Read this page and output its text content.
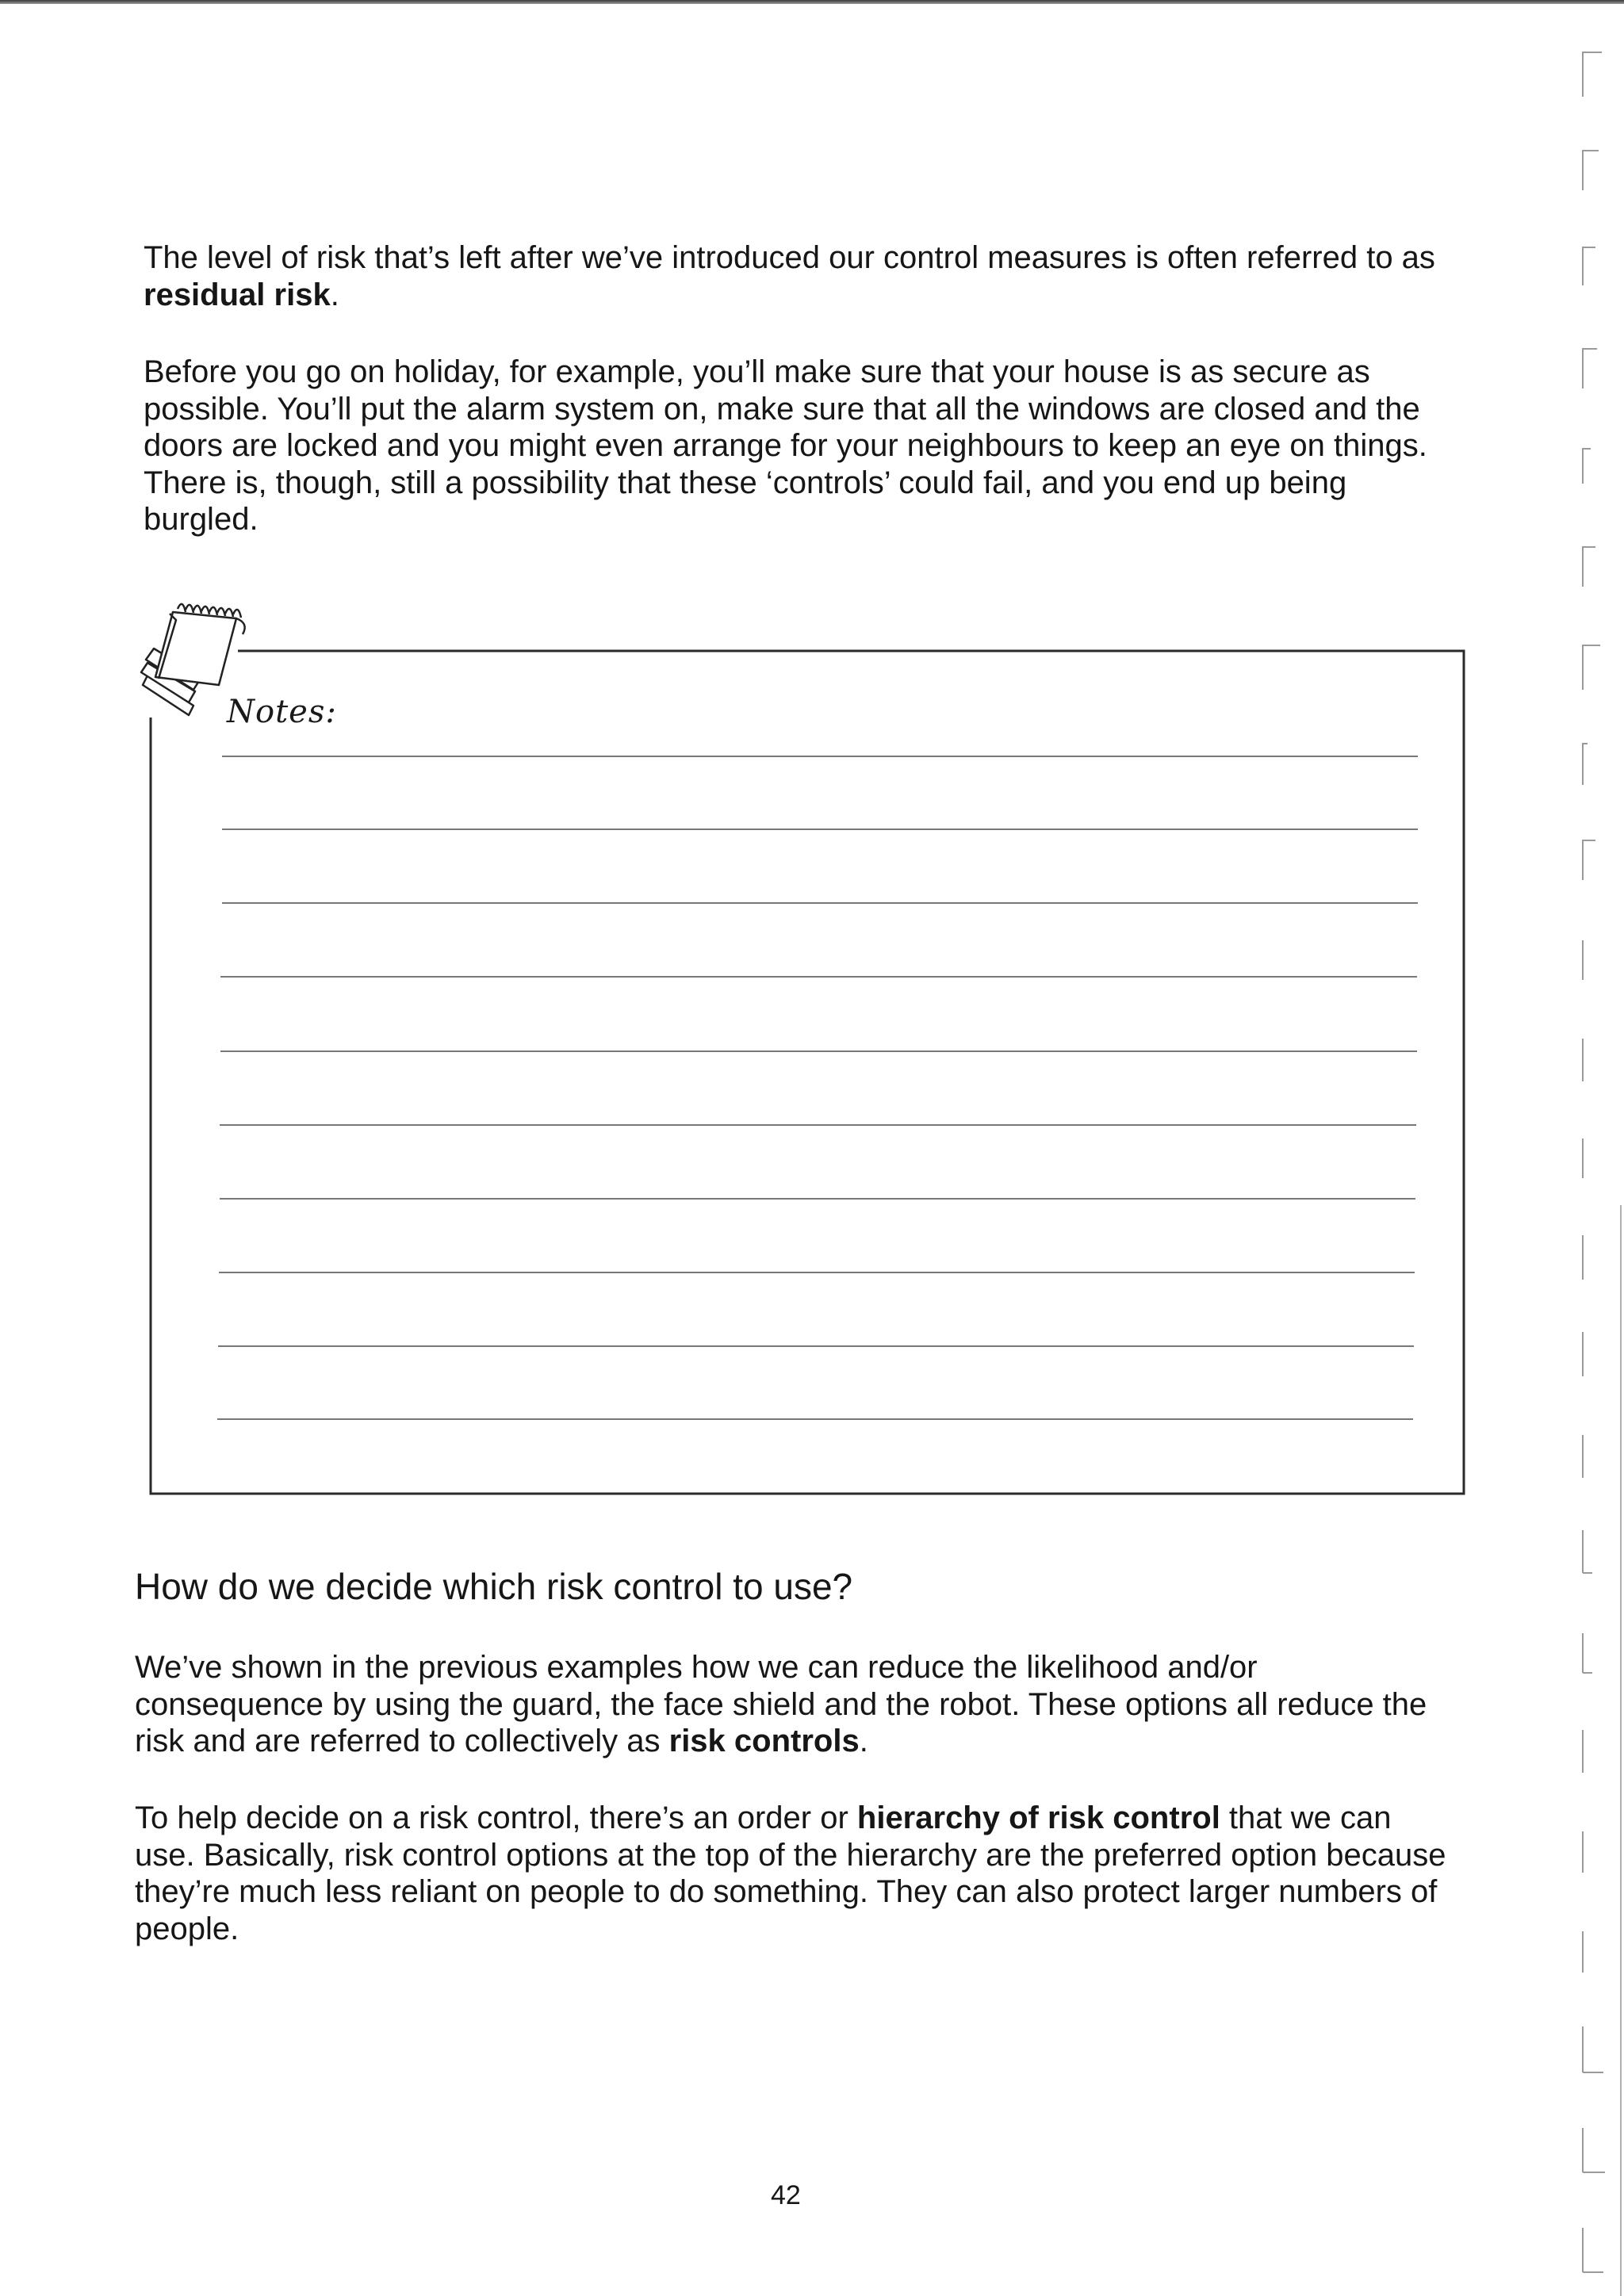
The level of risk that’s left after we’ve introduced our control measures is often referred to as residual risk.

Before you go on holiday, for example, you’ll make sure that your house is as secure as possible. You’ll put the alarm system on, make sure that all the windows are closed and the doors are locked and you might even arrange for your neighbours to keep an eye on things. There is, though, still a possibility that these ‘controls’ could fail, and you end up being burgled.

Notes:
How do we decide which risk control to use?

We’ve shown in the previous examples how we can reduce the likelihood and/or consequence by using the guard, the face shield and the robot. These options all reduce the risk and are referred to collectively as risk controls.

To help decide on a risk control, there’s an order or hierarchy of risk control that we can use. Basically, risk control options at the top of the hierarchy are the preferred option because they’re much less reliant on people to do something. They can also protect larger numbers of people.

42
